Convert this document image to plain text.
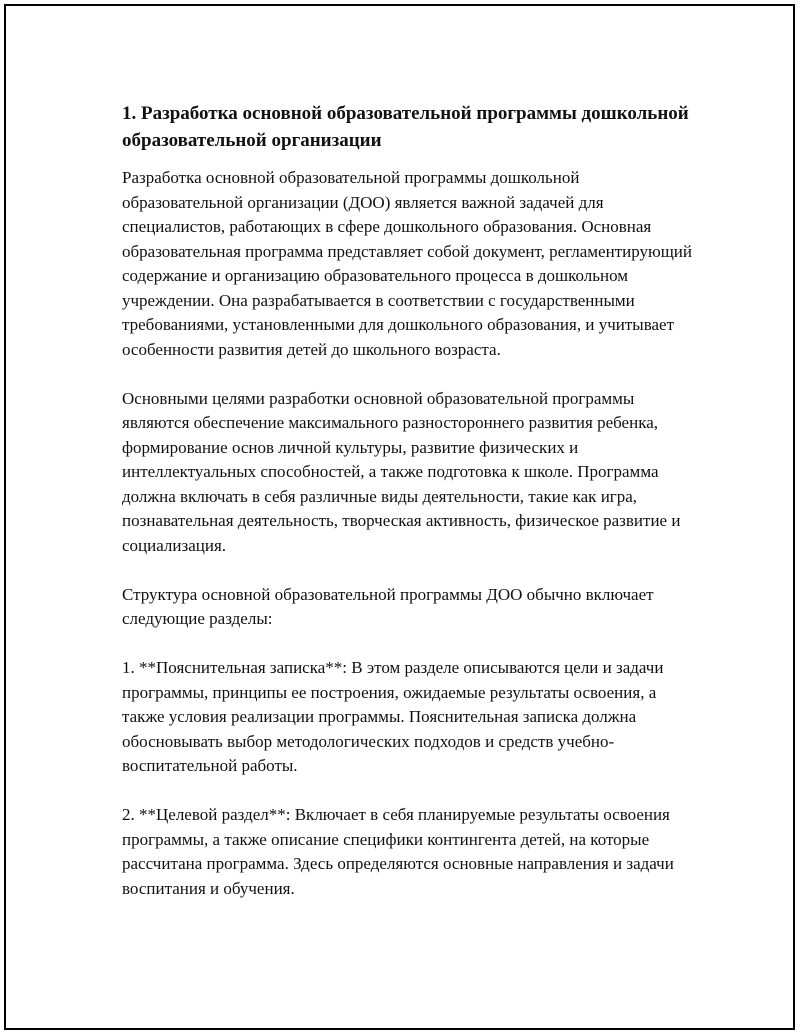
1. Разработка основной образовательной программы дошкольной образовательной организации

Разработка основной образовательной программы дошкольной образовательной организации (ДОО) является важной задачей для специалистов, работающих в сфере дошкольного образования. Основная образовательная программа представляет собой документ, регламентирующий содержание и организацию образовательного процесса в дошкольном учреждении. Она разрабатывается в соответствии с государственными требованиями, установленными для дошкольного образования, и учитывает особенности развития детей до школьного возраста.

Основными целями разработки основной образовательной программы являются обеспечение максимального разностороннего развития ребенка, формирование основ личной культуры, развитие физических и интеллектуальных способностей, а также подготовка к школе. Программа должна включать в себя различные виды деятельности, такие как игра, познавательная деятельность, творческая активность, физическое развитие и социализация.

Структура основной образовательной программы ДОО обычно включает следующие разделы:

1. **Пояснительная записка**: В этом разделе описываются цели и задачи программы, принципы ее построения, ожидаемые результаты освоения, а также условия реализации программы. Пояснительная записка должна обосновывать выбор методологических подходов и средств учебно-воспитательной работы.

2. **Целевой раздел**: Включает в себя планируемые результаты освоения программы, а также описание специфики контингента детей, на которые рассчитана программа. Здесь определяются основные направления и задачи воспитания и обучения.
